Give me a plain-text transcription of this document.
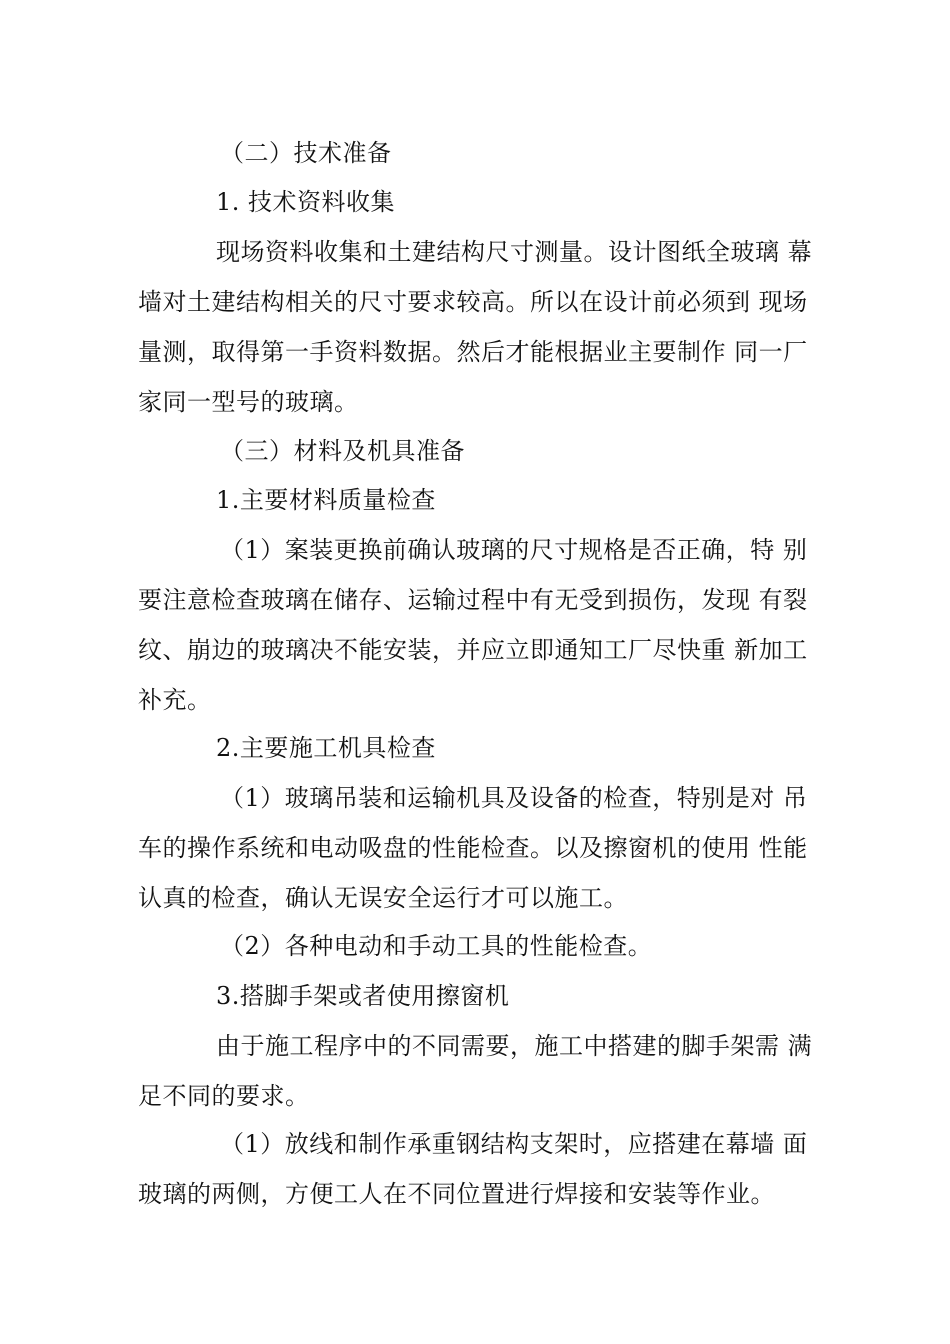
（二）技术准备
1. 技术资料收集
现场资料收集和土建结构尺寸测量。设计图纸全玻璃 幕
墙对土建结构相关的尺寸要求较高。所以在设计前必须到 现场
量测，取得第一手资料数据。然后才能根据业主要制作 同一厂
家同一型号的玻璃。
（三）材料及机具准备
1.主要材料质量检查
（1）案装更换前确认玻璃的尺寸规格是否正确，特 别
要注意检查玻璃在储存、运输过程中有无受到损伤，发现 有裂
纹、崩边的玻璃决不能安装，并应立即通知工厂尽快重 新加工
补充。
2.主要施工机具检查
（1）玻璃吊装和运输机具及设备的检查，特别是对 吊
车的操作系统和电动吸盘的性能检查。以及擦窗机的使用 性能
认真的检查，确认无误安全运行才可以施工。
（2）各种电动和手动工具的性能检查。
3.搭脚手架或者使用擦窗机
由于施工程序中的不同需要，施工中搭建的脚手架需 满
足不同的要求。
（1）放线和制作承重钢结构支架时，应搭建在幕墙 面
玻璃的两侧，方便工人在不同位置进行焊接和安装等作业。
